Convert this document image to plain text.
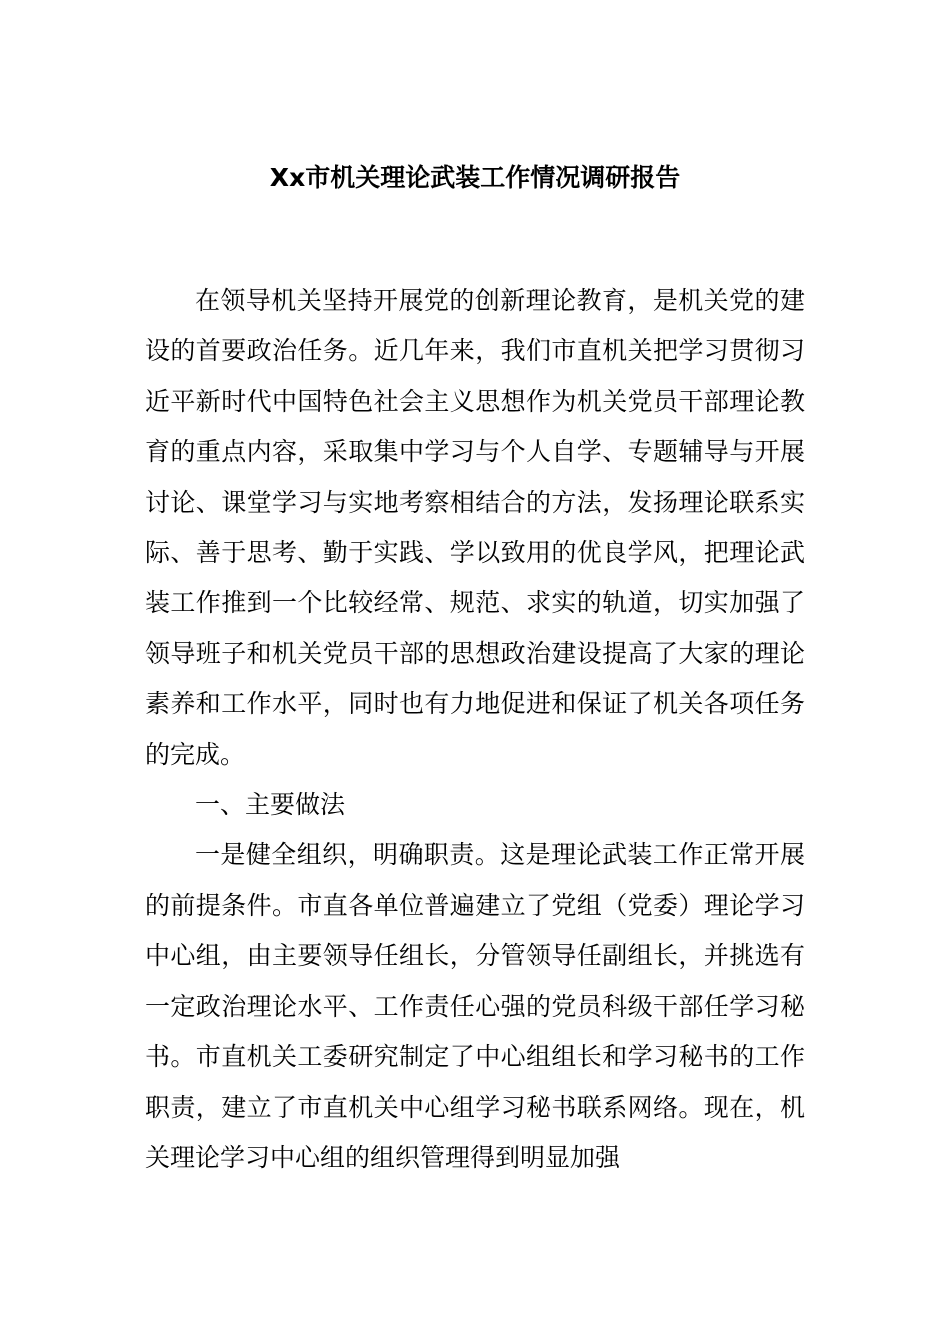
Xx市机关理论武装工作情况调研报告

在领导机关坚持开展党的创新理论教育，是机关党的建设的首要政治任务。近几年来，我们市直机关把学习贯彻习近平新时代中国特色社会主义思想作为机关党员干部理论教育的重点内容，采取集中学习与个人自学、专题辅导与开展讨论、课堂学习与实地考察相结合的方法，发扬理论联系实际、善于思考、勤于实践、学以致用的优良学风，把理论武装工作推到一个比较经常、规范、求实的轨道，切实加强了领导班子和机关党员干部的思想政治建设提高了大家的理论素养和工作水平，同时也有力地促进和保证了机关各项任务的完成。

一、主要做法

一是健全组织，明确职责。这是理论武装工作正常开展的前提条件。市直各单位普遍建立了党组（党委）理论学习中心组，由主要领导任组长，分管领导任副组长，并挑选有一定政治理论水平、工作责任心强的党员科级干部任学习秘书。市直机关工委研究制定了中心组组长和学习秘书的工作职责，建立了市直机关中心组学习秘书联系网络。现在，机关理论学习中心组的组织管理得到明显加强
